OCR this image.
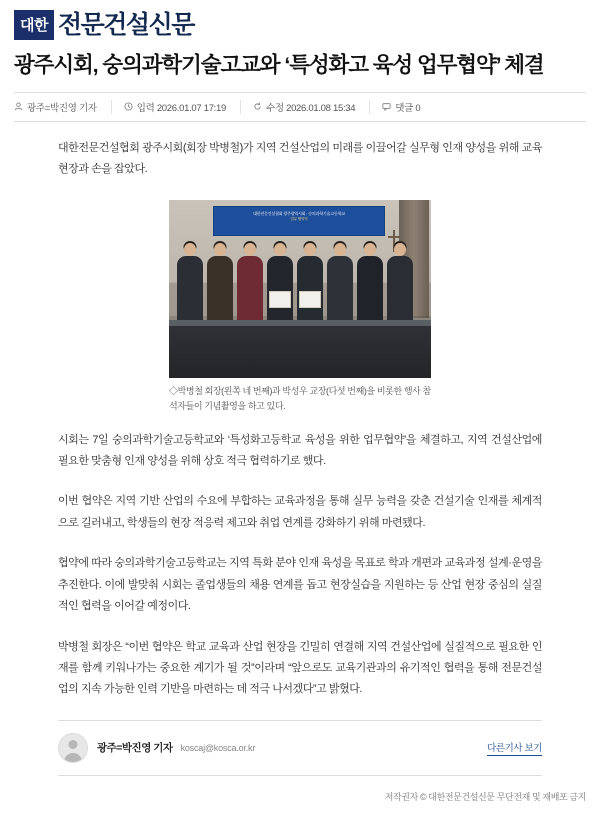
대한 전문건설신문
광주시회, 숭의과학기술고교와 ‘특성화고 육성 업무협약’ 체결
광주=박진영 기자	입력 2026.01.07 17:19	수정 2026.01.08 15:34	댓글 0

대한전문건설협회 광주시회(회장 박병철)가 지역 건설산업의 미래를 이끌어갈 실무형 인재 양성을 위해 교육 현장과 손을 잡았다.

대한전문건설협회 광주광역시회 · 숭의과학기술고등학교
업무 협약식
◇박병철 회장(왼쪽 네 번째)과 박성우 교장(다섯 번째)을 비롯한 행사 참석자들이 기념촬영을 하고 있다.

시회는 7일 숭의과학기술고등학교와 ‘특성화고등학교 육성을 위한 업무협약’을 체결하고, 지역 건설산업에 필요한 맞춤형 인재 양성을 위해 상호 적극 협력하기로 했다.

이번 협약은 지역 기반 산업의 수요에 부합하는 교육과정을 통해 실무 능력을 갖춘 건설기술 인재를 체계적으로 길러내고, 학생들의 현장 적응력 제고와 취업 연계를 강화하기 위해 마련됐다.

협약에 따라 숭의과학기술고등학교는 지역 특화 분야 인재 육성을 목표로 학과 개편과 교육과정 설계·운영을 추진한다. 이에 발맞춰 시회는 졸업생들의 채용 연계를 돕고 현장실습을 지원하는 등 산업 현장 중심의 실질적인 협력을 이어갈 예정이다.

박병철 회장은 “이번 협약은 학교 교육과 산업 현장을 긴밀히 연결해 지역 건설산업에 실질적으로 필요한 인재를 함께 키워나가는 중요한 계기가 될 것”이라며 “앞으로도 교육기관과의 유기적인 협력을 통해 전문건설업의 지속 가능한 인력 기반을 마련하는 데 적극 나서겠다”고 밝혔다.

광주=박진영 기자 koscaj@kosca.or.kr	다른기사 보기
저작권자 © 대한전문건설신문 무단전재 및 재배포 금지
